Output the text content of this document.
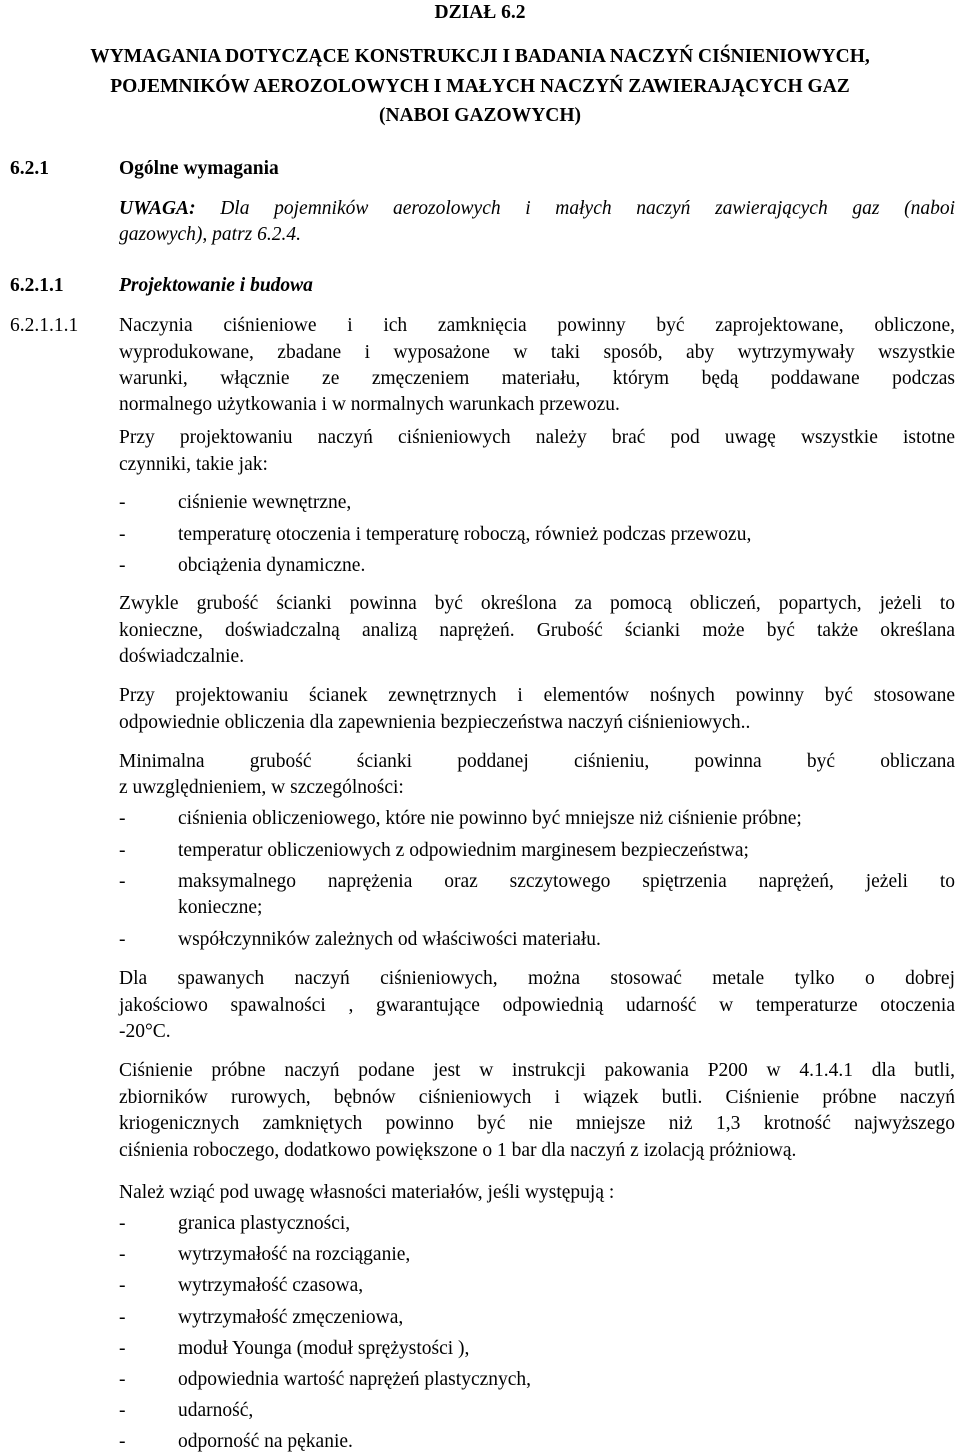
DZIAŁ 6.2
WYMAGANIA DOTYCZĄCE KONSTRUKCJI I BADANIA NACZYŃ CIŚNIENIOWYCH,
POJEMNIKÓW AEROZOLOWYCH I MAŁYCH NACZYŃ ZAWIERAJĄCYCH GAZ
(NABOI GAZOWYCH)
6.2.1	Ogólne wymagania
UWAGA: Dla pojemników aerozolowych i małych naczyń zawierających gaz (naboi
gazowych), patrz 6.2.4.
6.2.1.1	Projektowanie i budowa
6.2.1.1.1 Naczynia ciśnieniowe i ich zamknięcia powinny być zaprojektowane, obliczone,
wyprodukowane, zbadane i wyposażone w taki sposób, aby wytrzymywały wszystkie
warunki, włącznie ze zmęczeniem materiału, którym będą poddawane podczas
normalnego użytkowania i w normalnych warunkach przewozu.
Przy projektowaniu naczyń ciśnieniowych należy brać pod uwagę wszystkie istotne
czynniki, takie jak:
-	ciśnienie wewnętrzne,
-	temperaturę otoczenia i temperaturę roboczą, również podczas przewozu,
-	obciążenia dynamiczne.
Zwykle grubość ścianki powinna być określona za pomocą obliczeń, popartych, jeżeli to
konieczne, doświadczalną analizą naprężeń. Grubość ścianki może być także określana
doświadczalnie.
Przy projektowaniu ścianek zewnętrznych i elementów nośnych powinny być stosowane
odpowiednie obliczenia dla zapewnienia bezpieczeństwa naczyń ciśnieniowych..
Minimalna grubość ścianki poddanej ciśnieniu, powinna być obliczana
z uwzględnieniem, w szczególności:
-	ciśnienia obliczeniowego, które nie powinno być mniejsze niż ciśnienie próbne;
-	temperatur obliczeniowych z odpowiednim marginesem bezpieczeństwa;
-	maksymalnego naprężenia oraz szczytowego spiętrzenia naprężeń, jeżeli to
konieczne;
-	współczynników zależnych od właściwości materiału.
Dla spawanych naczyń ciśnieniowych, można stosować metale tylko o dobrej
jakościowo spawalności , gwarantujące odpowiednią udarność w temperaturze otoczenia
-20°C.
Ciśnienie próbne naczyń podane jest w instrukcji pakowania P200 w 4.1.4.1 dla butli,
zbiorników rurowych, bębnów ciśnieniowych i wiązek butli. Ciśnienie próbne naczyń
kriogenicznych zamkniętych powinno być nie mniejsze niż 1,3 krotność najwyższego
ciśnienia roboczego, dodatkowo powiększone o 1 bar dla naczyń z izolacją próżniową.
Należ wziąć pod uwagę własności materiałów, jeśli występują :
-	granica plastyczności,
-	wytrzymałość na rozciąganie,
-	wytrzymałość czasowa,
-	wytrzymałość zmęczeniowa,
-	moduł Younga (moduł sprężystości ),
-	odpowiednia wartość naprężeń plastycznych,
-	udarność,
-	odporność na pękanie.
